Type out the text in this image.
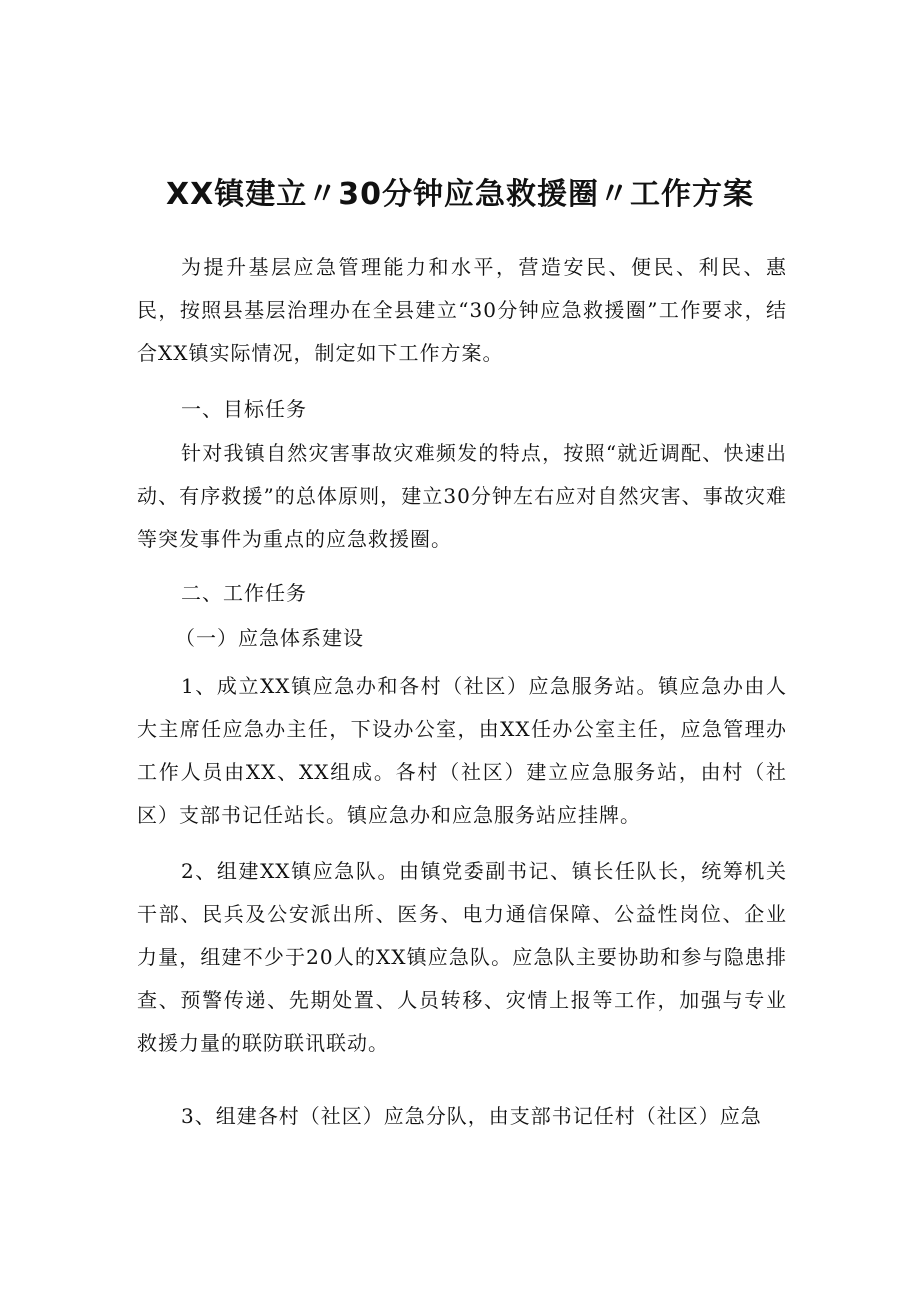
XX镇建立〃30分钟应急救援圈〃工作方案

为提升基层应急管理能力和水平，营造安民、便民、利民、惠民，按照县基层治理办在全县建立“30分钟应急救援圈”工作要求，结合XX镇实际情况，制定如下工作方案。

一、目标任务

针对我镇自然灾害事故灾难频发的特点，按照“就近调配、快速出动、有序救援”的总体原则，建立30分钟左右应对自然灾害、事故灾难等突发事件为重点的应急救援圈。

二、工作任务

（一）应急体系建设

1、成立XX镇应急办和各村（社区）应急服务站。镇应急办由人大主席任应急办主任，下设办公室，由XX任办公室主任，应急管理办工作人员由XX、XX组成。各村（社区）建立应急服务站，由村（社区）支部书记任站长。镇应急办和应急服务站应挂牌。

2、组建XX镇应急队。由镇党委副书记、镇长任队长，统筹机关干部、民兵及公安派出所、医务、电力通信保障、公益性岗位、企业力量，组建不少于20人的XX镇应急队。应急队主要协助和参与隐患排查、预警传递、先期处置、人员转移、灾情上报等工作，加强与专业救援力量的联防联讯联动。

3、组建各村（社区）应急分队，由支部书记任村（社区）应急
